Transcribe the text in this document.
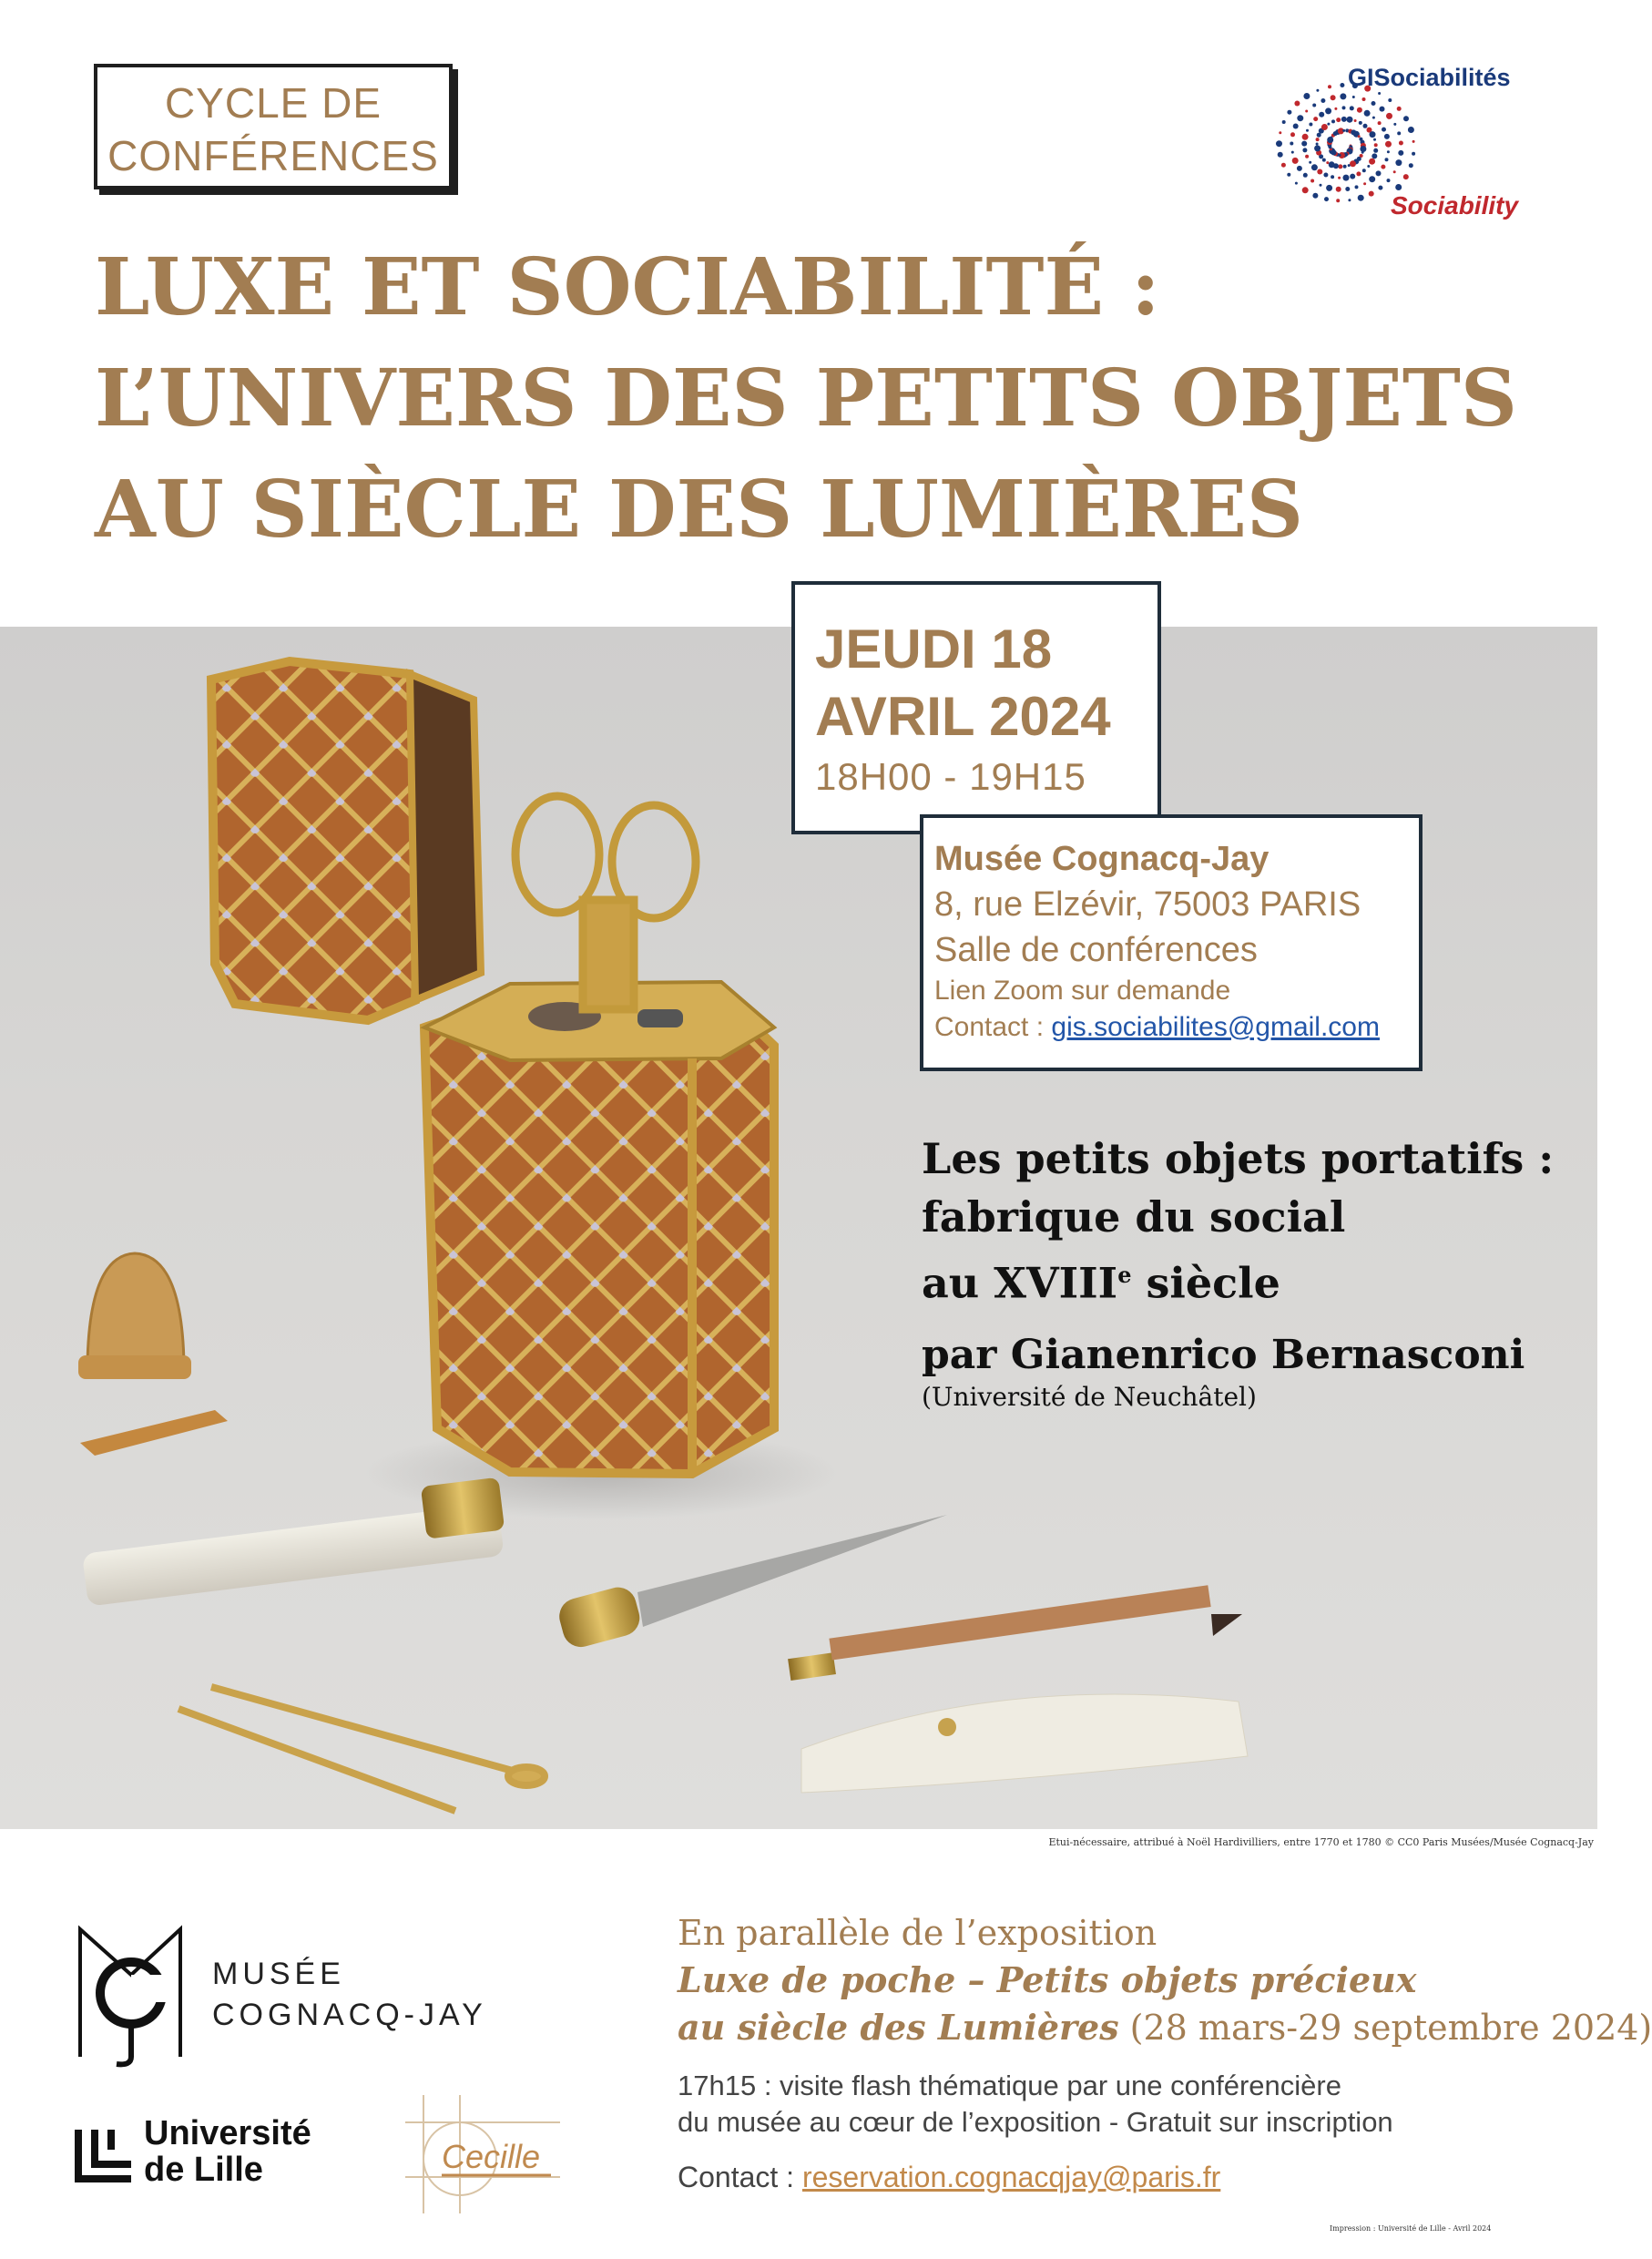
CYCLE DE
CONFÉRENCES
LUXE ET SOCIABILITÉ :
L’UNIVERS DES PETITS OBJETS
AU SIÈCLE DES LUMIÈRES
GISociabilités
Sociability
Etui-nécessaire, attribué à Noël Hardivilliers, entre 1770 et 1780 © CC0 Paris Musées/Musée Cognacq-Jay
JEUDI 18
AVRIL 2024
18H00 - 19H15
Musée Cognacq-Jay
8, rue Elzévir, 75003 PARIS
Salle de conférences
Lien Zoom sur demande
Contact : gis.sociabilites@gmail.com
Les petits objets portatifs :
fabrique du social
au XVIIIe siècle
par Gianenrico Bernasconi
(Université de Neuchâtel)
MUSÉE
COGNACQ-JAY
Université
de Lille	Cecille
En parallèle de l’exposition
Luxe de poche – Petits objets précieux
au siècle des Lumières (28 mars-29 septembre 2024)
17h15 : visite flash thématique par une conférencière
du musée au cœur de l’exposition - Gratuit sur inscription
Contact : reservation.cognacqjay@paris.fr
Impression : Université de Lille - Avril 2024
